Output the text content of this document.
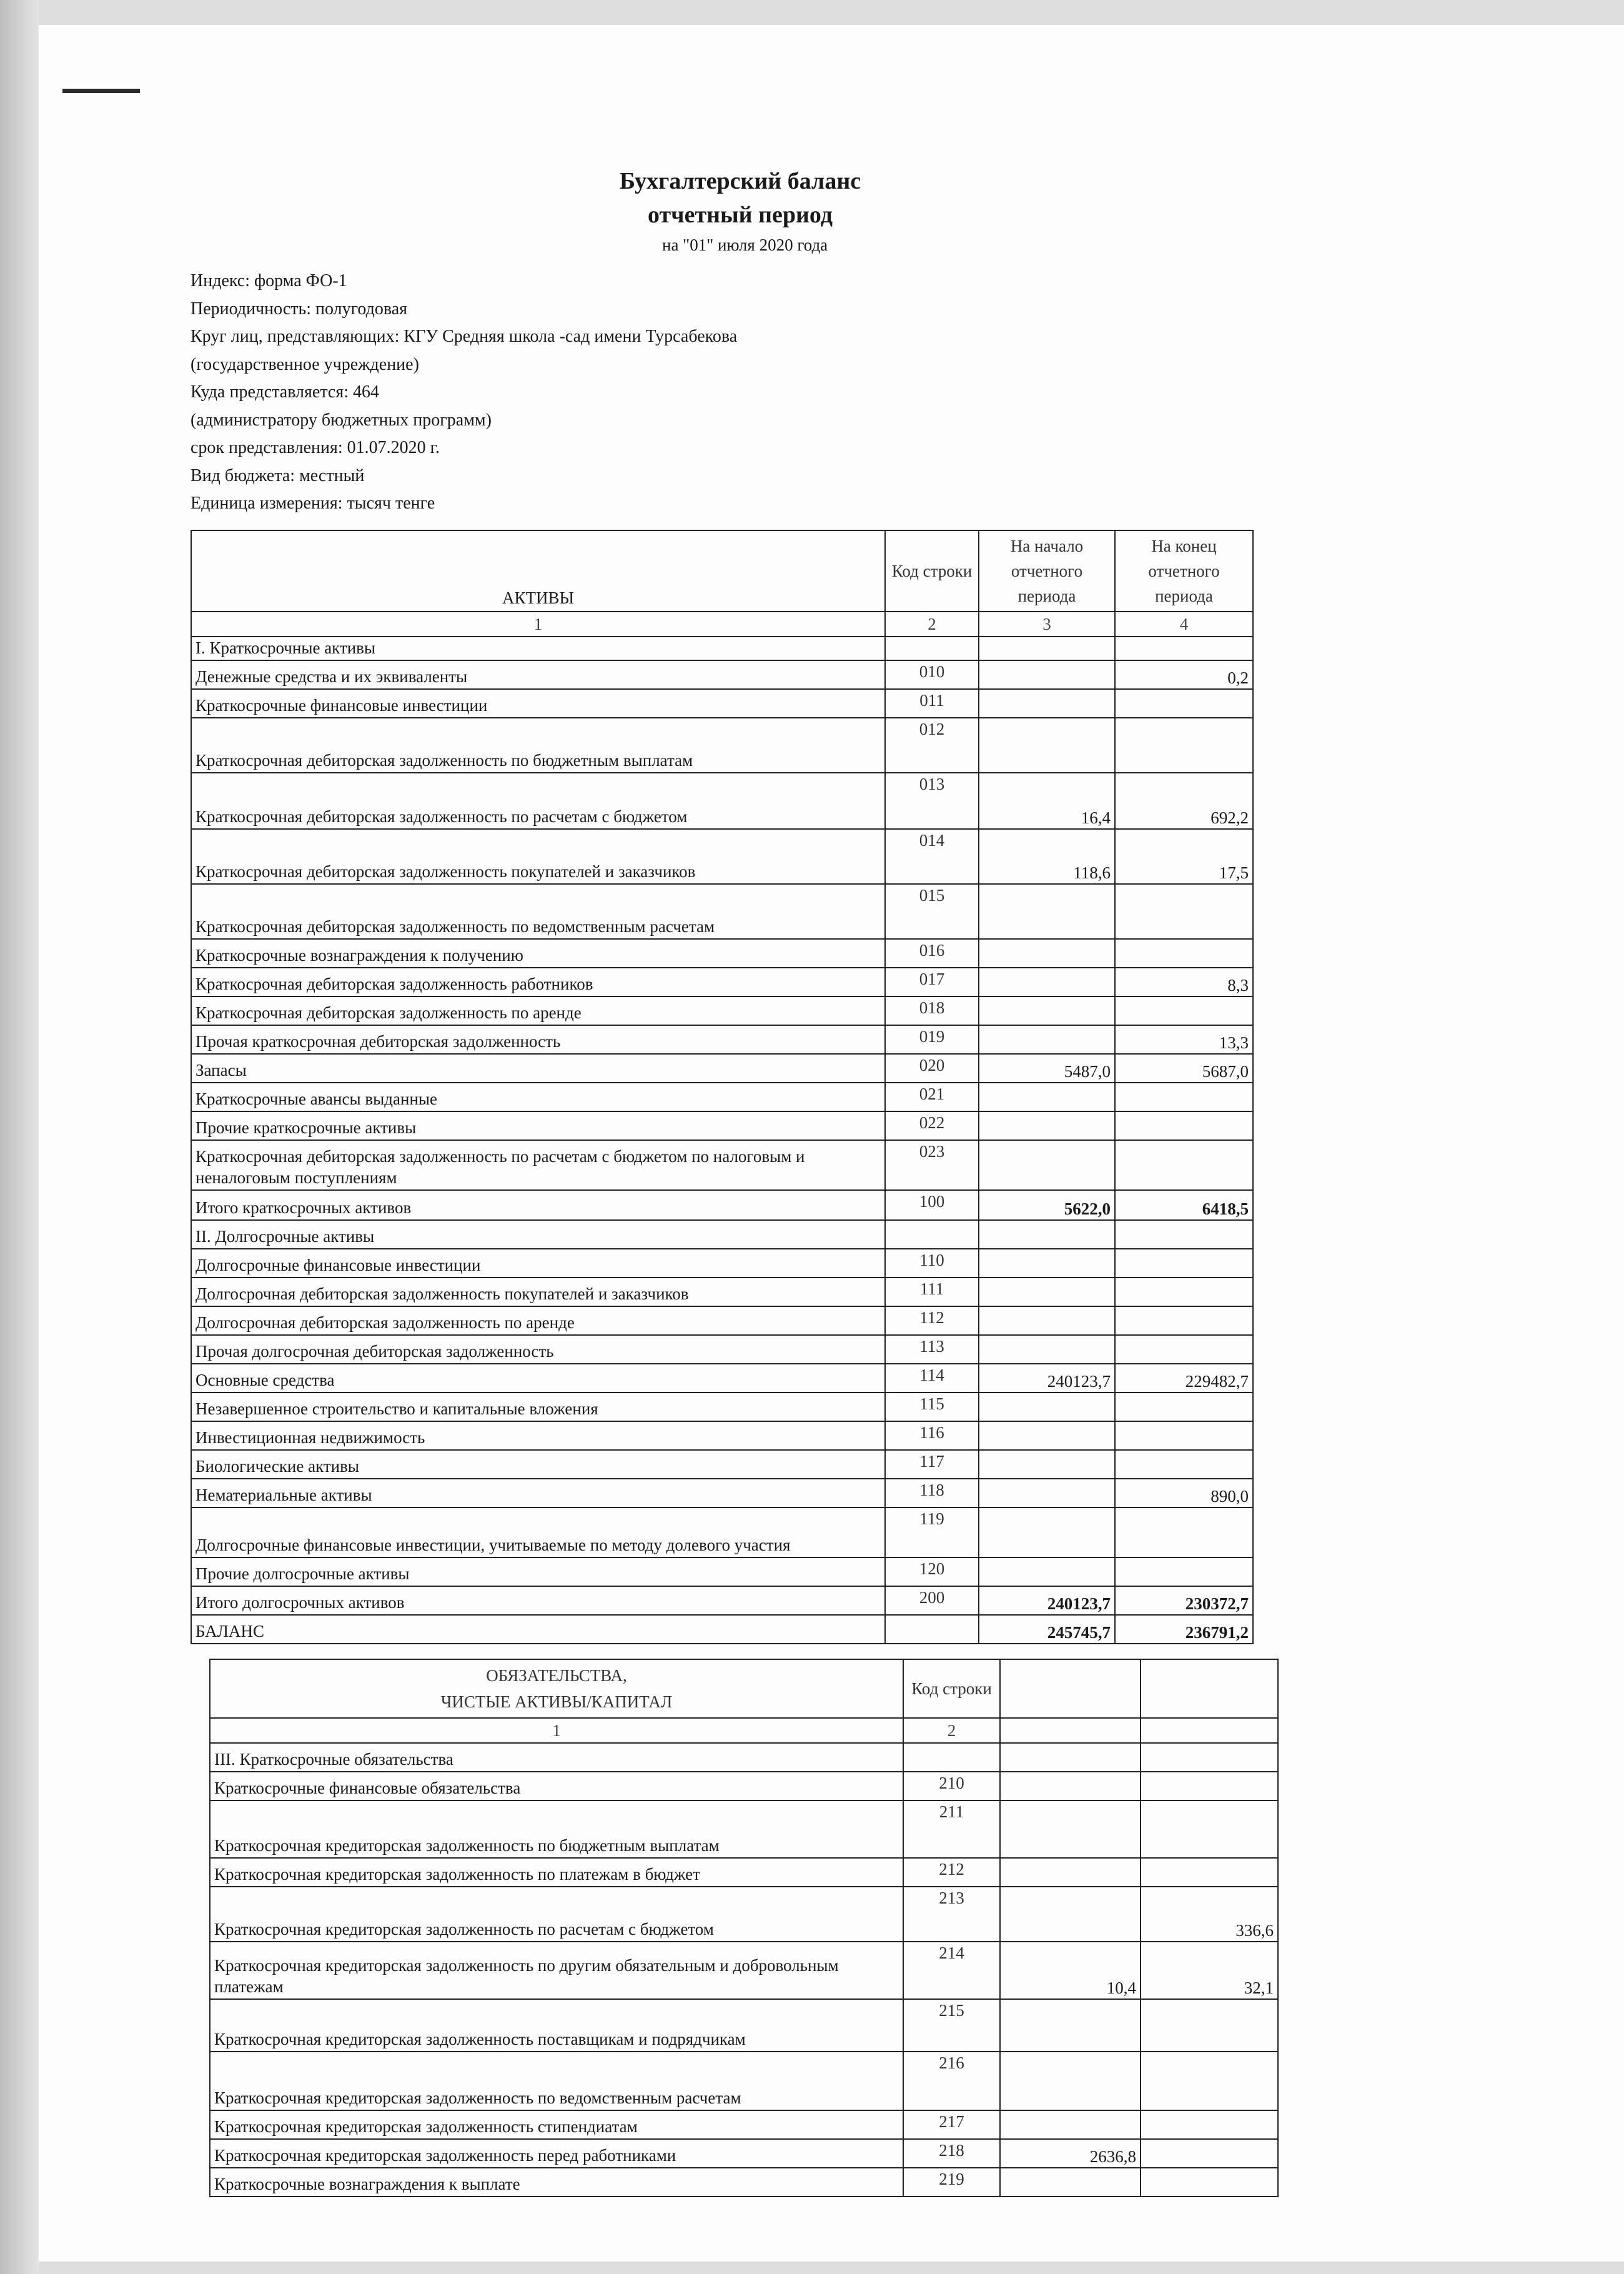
Бухгалтерский баланс
отчетный период
на "01" июля 2020 года
Индекс: форма ФО-1
Периодичность: полугодовая
Круг лиц, представляющих: КГУ Средняя школа -сад имени Турсабекова
(государственное учреждение)
Куда представляется: 464
(администратору бюджетных программ)
срок представления: 01.07.2020 г.
Вид бюджета: местный
Единица измерения: тысяч тенге
АКТИВЫ	Код строки	На начало отчетного периода	На конец отчетного периода
1	2	3	4
I. Краткосрочные активы			
Денежные средства и их эквиваленты	010		0,2
Краткосрочные финансовые инвестиции	011		
Краткосрочная дебиторская задолженность по бюджетным выплатам	012		
Краткосрочная дебиторская задолженность по расчетам с бюджетом	013	16,4	692,2
Краткосрочная дебиторская задолженность покупателей и заказчиков	014	118,6	17,5
Краткосрочная дебиторская задолженность по ведомственным расчетам	015		
Краткосрочные вознаграждения к получению	016		
Краткосрочная дебиторская задолженность работников	017		8,3
Краткосрочная дебиторская задолженность по аренде	018		
Прочая краткосрочная дебиторская задолженность	019		13,3
Запасы	020	5487,0	5687,0
Краткосрочные авансы выданные	021		
Прочие краткосрочные активы	022		
Краткосрочная дебиторская задолженность по расчетам с бюджетом по налоговым и неналоговым поступлениям	023		
Итого краткосрочных активов	100	5622,0	6418,5
II. Долгосрочные активы			
Долгосрочные финансовые инвестиции	110		
Долгосрочная дебиторская задолженность покупателей и заказчиков	111		
Долгосрочная дебиторская задолженность по аренде	112		
Прочая долгосрочная дебиторская задолженность	113		
Основные средства	114	240123,7	229482,7
Незавершенное строительство и капитальные вложения	115		
Инвестиционная недвижимость	116		
Биологические активы	117		
Нематериальные активы	118		890,0
Долгосрочные финансовые инвестиции, учитываемые по методу долевого участия	119		
Прочие долгосрочные активы	120		
Итого долгосрочных активов	200	240123,7	230372,7
БАЛАНС		245745,7	236791,2
ОБЯЗАТЕЛЬСТВА,
ЧИСТЫЕ АКТИВЫ/КАПИТАЛ	Код строки		
1	2		
III. Краткосрочные обязательства			
Краткосрочные финансовые обязательства	210		
Краткосрочная кредиторская задолженность по бюджетным выплатам	211		
Краткосрочная кредиторская задолженность по платежам в бюджет	212		
Краткосрочная кредиторская задолженность по расчетам с бюджетом	213		336,6
Краткосрочная кредиторская задолженность по другим обязательным и добровольным платежам	214	10,4	32,1
Краткосрочная кредиторская задолженность поставщикам и подрядчикам	215		
Краткосрочная кредиторская задолженность по ведомственным расчетам	216		
Краткосрочная кредиторская задолженность стипендиатам	217		
Краткосрочная кредиторская задолженность перед работниками	218	2636,8	
Краткосрочные вознаграждения к выплате	219		
